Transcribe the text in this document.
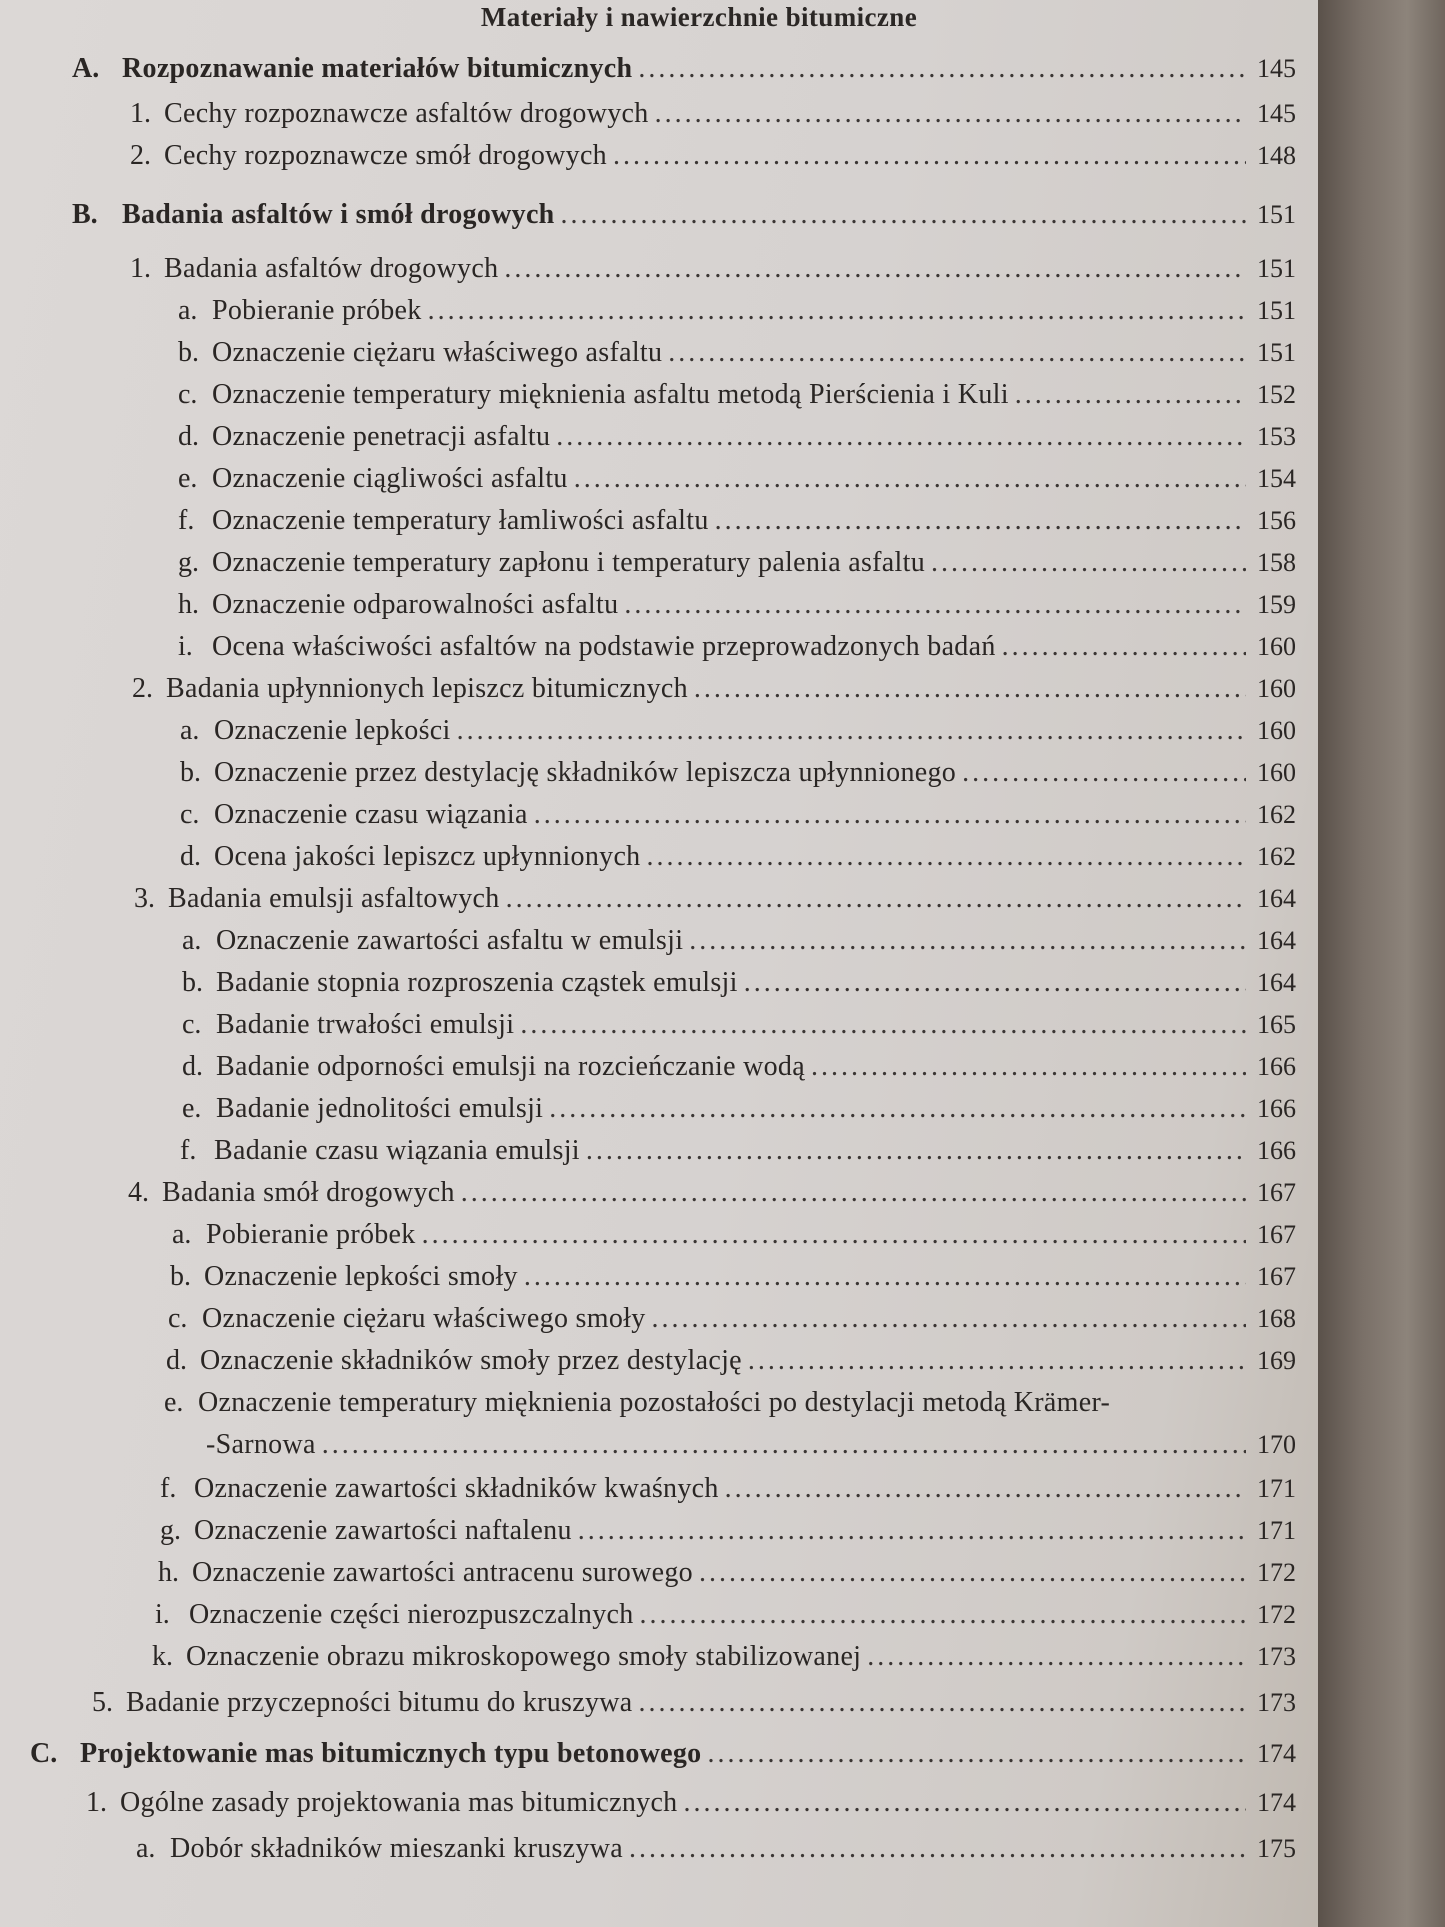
Materiały i nawierzchnie bitumiczne
A. Rozpoznawanie materiałów bitumicznych . . .	145
1. Cechy rozpoznawcze asfaltów drogowych . . .	145
2. Cechy rozpoznawcze smół drogowych . . .	148
B. Badania asfaltów i smół drogowych . . .	151
1. Badania asfaltów drogowych . . .	151
a. Pobieranie próbek . . .	151
b. Oznaczenie ciężaru właściwego asfaltu . . .	151
c. Oznaczenie temperatury mięknienia asfaltu metodą Pierścienia i Kuli . . .	152
d. Oznaczenie penetracji asfaltu . . .	153
e. Oznaczenie ciągliwości asfaltu . . .	154
f. Oznaczenie temperatury łamliwości asfaltu . . .	156
g. Oznaczenie temperatury zapłonu i temperatury palenia asfaltu . . .	158
h. Oznaczenie odparowalności asfaltu . . .	159
i. Ocena właściwości asfaltów na podstawie przeprowadzonych badań . . .	160
2. Badania upłynnionych lepiszcz bitumicznych . . .	160
a. Oznaczenie lepkości . . .	160
b. Oznaczenie przez destylację składników lepiszcza upłynnionego . . .	160
c. Oznaczenie czasu wiązania . . .	162
d. Ocena jakości lepiszcz upłynnionych . . .	162
3. Badania emulsji asfaltowych . . .	164
a. Oznaczenie zawartości asfaltu w emulsji . . .	164
b. Badanie stopnia rozproszenia cząstek emulsji . . .	164
c. Badanie trwałości emulsji . . .	165
d. Badanie odporności emulsji na rozcieńczanie wodą . . .	166
e. Badanie jednolitości emulsji . . .	166
f. Badanie czasu wiązania emulsji . . .	166
4. Badania smół drogowych . . .	167
a. Pobieranie próbek . . .	167
b. Oznaczenie lepkości smoły . . .	167
c. Oznaczenie ciężaru właściwego smoły . . .	168
d. Oznaczenie składników smoły przez destylację . . .	169
e. Oznaczenie temperatury mięknienia pozostałości po destylacji metodą Krämer-
-Sarnowa . . .	170
f. Oznaczenie zawartości składników kwaśnych . . .	171
g. Oznaczenie zawartości naftalenu . . .	171
h. Oznaczenie zawartości antracenu surowego . . .	172
i. Oznaczenie części nierozpuszczalnych . . .	172
k. Oznaczenie obrazu mikroskopowego smoły stabilizowanej . . .	173
5. Badanie przyczepności bitumu do kruszywa . . .	173
C. Projektowanie mas bitumicznych typu betonowego . . .	174
1. Ogólne zasady projektowania mas bitumicznych . . .	174
a. Dobór składników mieszanki kruszywa . . .	175
